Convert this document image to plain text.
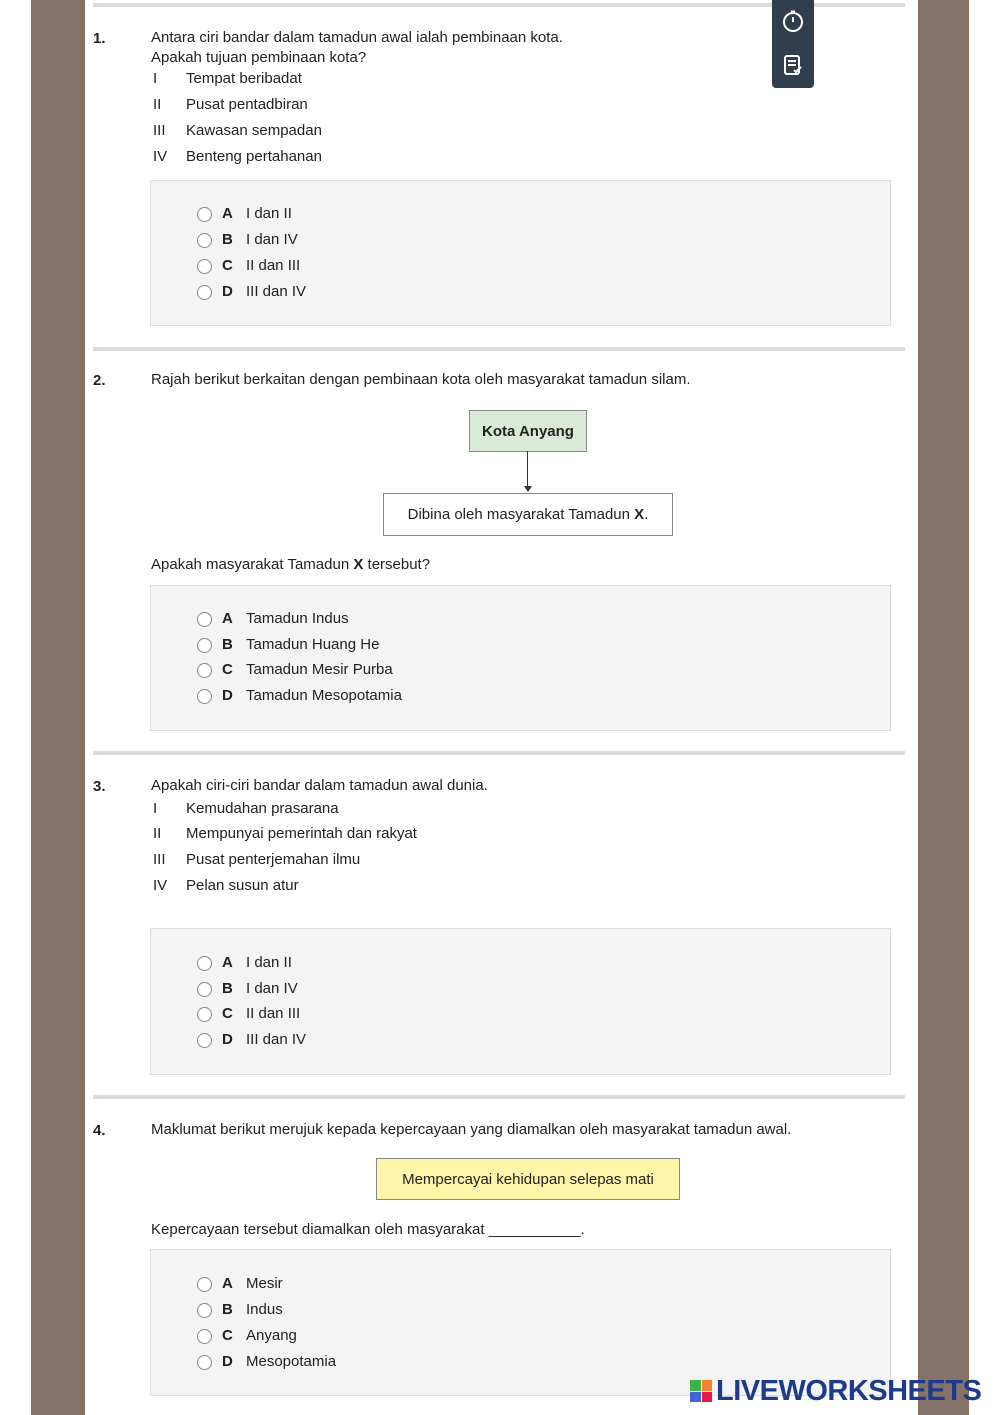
1.	Antara ciri bandar dalam tamadun awal ialah pembinaan kota.
Apakah tujuan pembinaan kota?
I Tempat beribadat
II Pusat pentadbiran
III Kawasan sempadan
IV Benteng pertahanan
A I dan II
B I dan IV
C II dan III
D III dan IV
2.	Rajah berikut berkaitan dengan pembinaan kota oleh masyarakat tamadun silam.
Kota Anyang
Dibina oleh masyarakat Tamadun X .
Apakah masyarakat Tamadun X tersebut?
A Tamadun Indus
B Tamadun Huang He
C Tamadun Mesir Purba
D Tamadun Mesopotamia
3.	Apakah ciri-ciri bandar dalam tamadun awal dunia.
I Kemudahan prasarana
II Mempunyai pemerintah dan rakyat
III Pusat penterjemahan ilmu
IV Pelan susun atur
A I dan II
B I dan IV
C II dan III
D III dan IV
4.	Maklumat berikut merujuk kepada kepercayaan yang diamalkan oleh masyarakat tamadun awal.
Mempercayai kehidupan selepas mati
Kepercayaan tersebut diamalkan oleh masyarakat ___________.
A Mesir
B Indus
C Anyang
D Mesopotamia
LIVEWORKSHEETS
